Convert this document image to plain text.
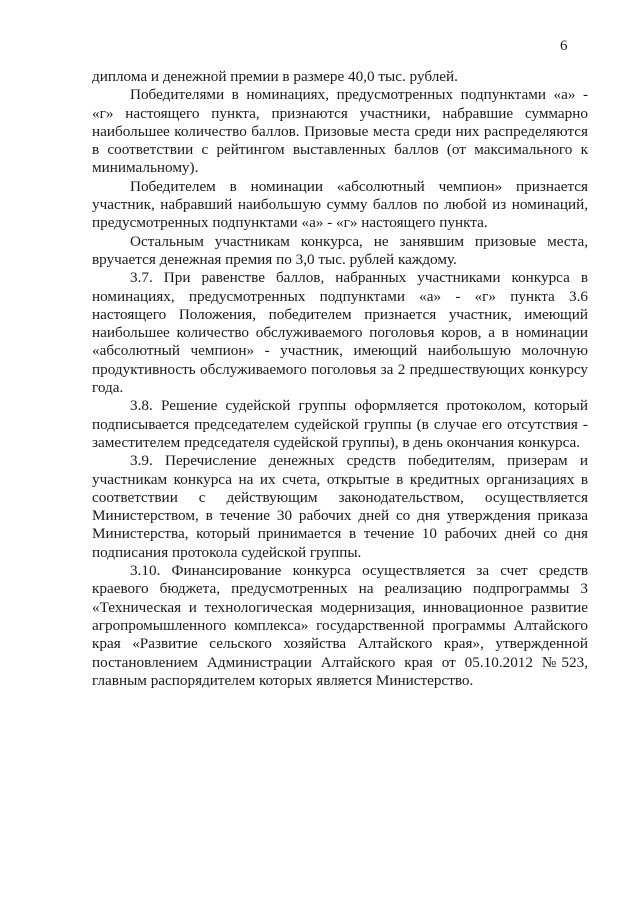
6

диплома и денежной премии в размере 40,0 тыс. рублей.

Победителями в номинациях, предусмотренных подпунктами «а» - «г» настоящего пункта, признаются участники, набравшие суммарно наибольшее количество баллов. Призовые места среди них распределяются в соответствии с рейтингом выставленных баллов (от максимального к минимальному).

Победителем в номинации «абсолютный чемпион» признается участник, набравший наибольшую сумму баллов по любой из номинаций, предусмотренных подпунктами «а» - «г» настоящего пункта.

Остальным участникам конкурса, не занявшим призовые места, вручается денежная премия по 3,0 тыс. рублей каждому.

3.7. При равенстве баллов, набранных участниками конкурса в номинациях, предусмотренных подпунктами «а» - «г» пункта 3.6 настоящего Положения, победителем признается участник, имеющий наибольшее количество обслуживаемого поголовья коров, а в номинации «абсолютный чемпион» - участник, имеющий наибольшую молочную продуктивность обслуживаемого поголовья за 2 предшествующих конкурсу года.

3.8. Решение судейской группы оформляется протоколом, который подписывается председателем судейской группы (в случае его отсутствия - заместителем председателя судейской группы), в день окончания конкурса.

3.9. Перечисление денежных средств победителям, призерам и участникам конкурса на их счета, открытые в кредитных организациях в соответствии с действующим законодательством, осуществляется Министерством, в течение 30 рабочих дней со дня утверждения приказа Министерства, который принимается в течение 10 рабочих дней со дня подписания протокола судейской группы.

3.10. Финансирование конкурса осуществляется за счет средств краевого бюджета, предусмотренных на реализацию подпрограммы 3 «Техническая и технологическая модернизация, инновационное развитие агропромышленного комплекса» государственной программы Алтайского края «Развитие сельского хозяйства Алтайского края», утвержденной постановлением Администрации Алтайского края от 05.10.2012 №523, главным распорядителем которых является Министерство.
